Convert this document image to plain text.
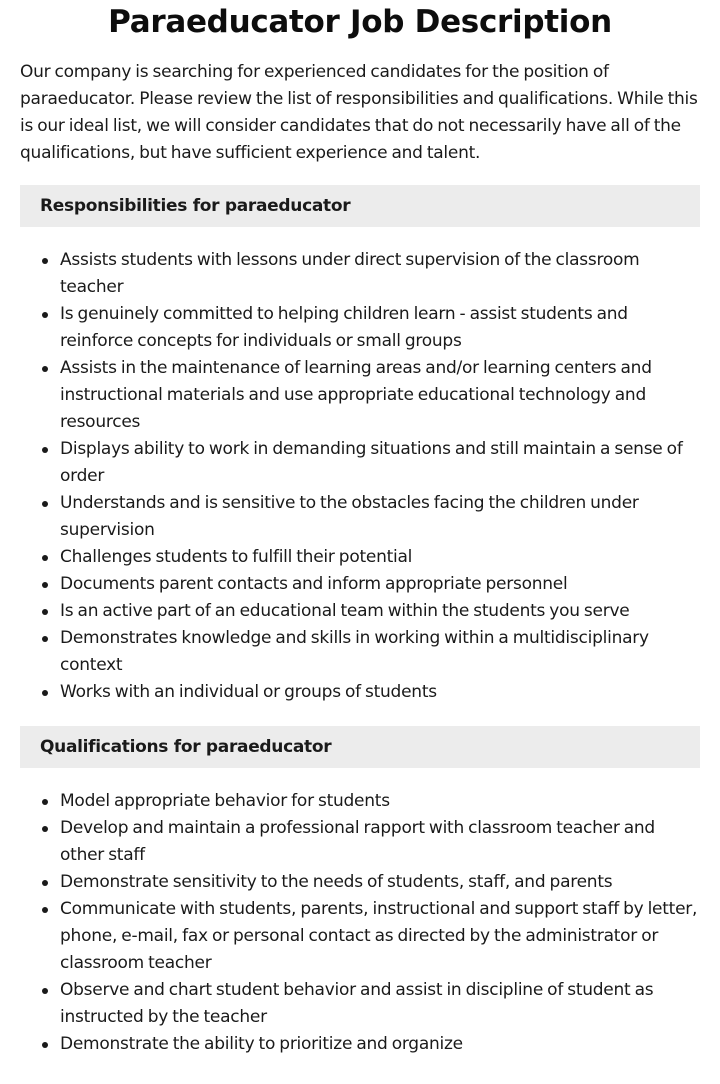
Paraeducator Job Description

Our company is searching for experienced candidates for the position of paraeducator. Please review the list of responsibilities and qualifications. While this is our ideal list, we will consider candidates that do not necessarily have all of the qualifications, but have sufficient experience and talent.

Responsibilities for paraeducator
Assists students with lessons under direct supervision of the classroom teacher
Is genuinely committed to helping children learn - assist students and reinforce concepts for individuals or small groups
Assists in the maintenance of learning areas and/or learning centers and instructional materials and use appropriate educational technology and resources
Displays ability to work in demanding situations and still maintain a sense of order
Understands and is sensitive to the obstacles facing the children under supervision
Challenges students to fulfill their potential
Documents parent contacts and inform appropriate personnel
Is an active part of an educational team within the students you serve
Demonstrates knowledge and skills in working within a multidisciplinary context
Works with an individual or groups of students
Qualifications for paraeducator
Model appropriate behavior for students
Develop and maintain a professional rapport with classroom teacher and other staff
Demonstrate sensitivity to the needs of students, staff, and parents
Communicate with students, parents, instructional and support staff by letter, phone, e-mail, fax or personal contact as directed by the administrator or classroom teacher
Observe and chart student behavior and assist in discipline of student as instructed by the teacher
Demonstrate the ability to prioritize and organize
